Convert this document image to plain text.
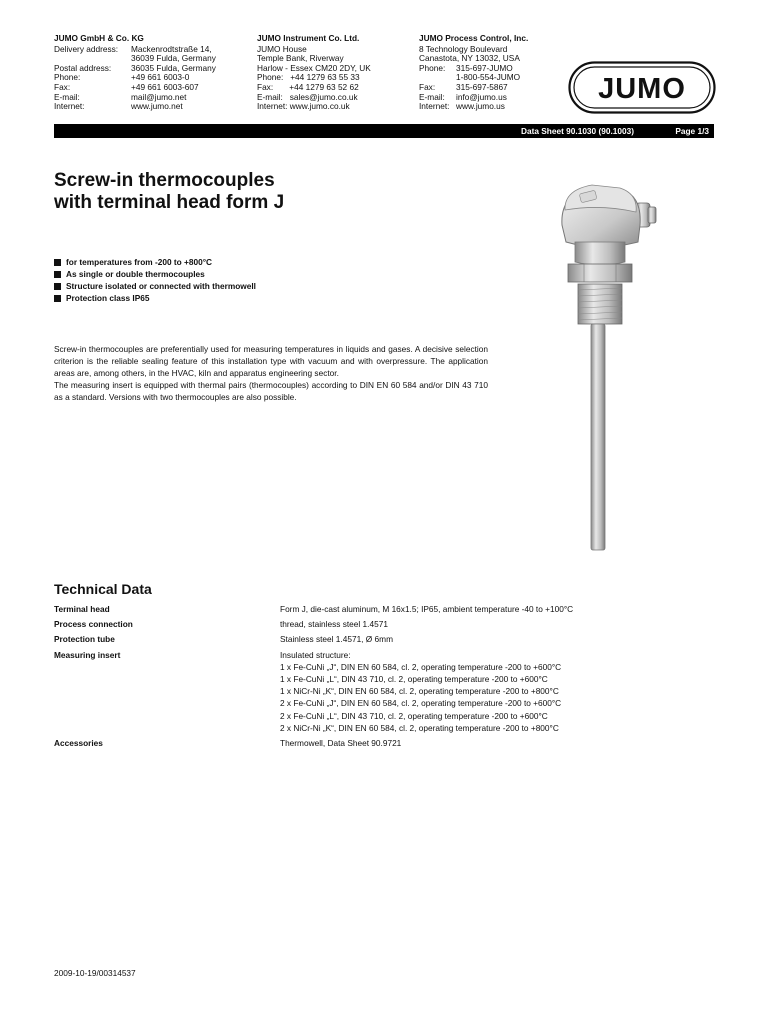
JUMO GmbH & Co. KG
Delivery address:	Mackenrodtstraße 14,
36039 Fulda, Germany
Postal address:	36035 Fulda, Germany
Phone:	+49 661 6003-0
Fax:	+49 661 6003-607
E-mail:	mail@jumo.net
Internet:	www.jumo.net
JUMO Instrument Co. Ltd.
JUMO House
Temple Bank, Riverway
Harlow - Essex CM20 2DY, UK
Phone:   +44 1279 63 55 33
Fax:       +44 1279 63 52 62
E-mail:   sales@jumo.co.uk
Internet: www.jumo.co.uk
JUMO Process Control, Inc.
8 Technology Boulevard
Canastota, NY 13032, USA
Phone:	315-697-JUMO
1-800-554-JUMO
Fax:	315-697-5867
E-mail:	info@jumo.us
Internet: www.jumo.us
JUMO
Data Sheet 90.1030 (90.1003)	Page 1/3
Screw-in thermocouples
with terminal head form J
for temperatures from -200 to +800°C
As single or double thermocouples
Structure isolated or connected with thermowell
Protection class IP65

Screw-in thermocouples are preferentially used for measuring temperatures in liquids and gases. A decisive selection criterion is the reliable sealing feature of this installation type with vacuum and with overpressure. The application areas are, among others, in the HVAC, kiln and apparatus engineering sector.

The measuring insert is equipped with thermal pairs (thermocouples) according to DIN EN 60 584 and/or DIN 43 710 as a standard. Versions with two thermocouples are also possible.

Technical Data
Terminal head	Form J, die-cast aluminum, M 16x1.5; IP65, ambient temperature -40 to +100°C
Process connection	thread, stainless steel 1.4571
Protection tube	Stainless steel 1.4571, Ø 6mm
Measuring insert	Insulated structure:
1 x Fe-CuNi „J“, DIN EN 60 584, cl. 2, operating temperature -200 to +600°C
1 x Fe-CuNi „L“, DIN 43 710, cl. 2, operating temperature -200 to +600°C
1 x NiCr-Ni „K“, DIN EN 60 584, cl. 2, operating temperature -200 to +800°C
2 x Fe-CuNi „J“, DIN EN 60 584, cl. 2, operating temperature -200 to +600°C
2 x Fe-CuNi „L“, DIN 43 710, cl. 2, operating temperature -200 to +600°C
2 x NiCr-Ni „K“, DIN EN 60 584, cl. 2, operating temperature -200 to +800°C
Accessories	Thermowell, Data Sheet 90.9721
2009-10-19/00314537
